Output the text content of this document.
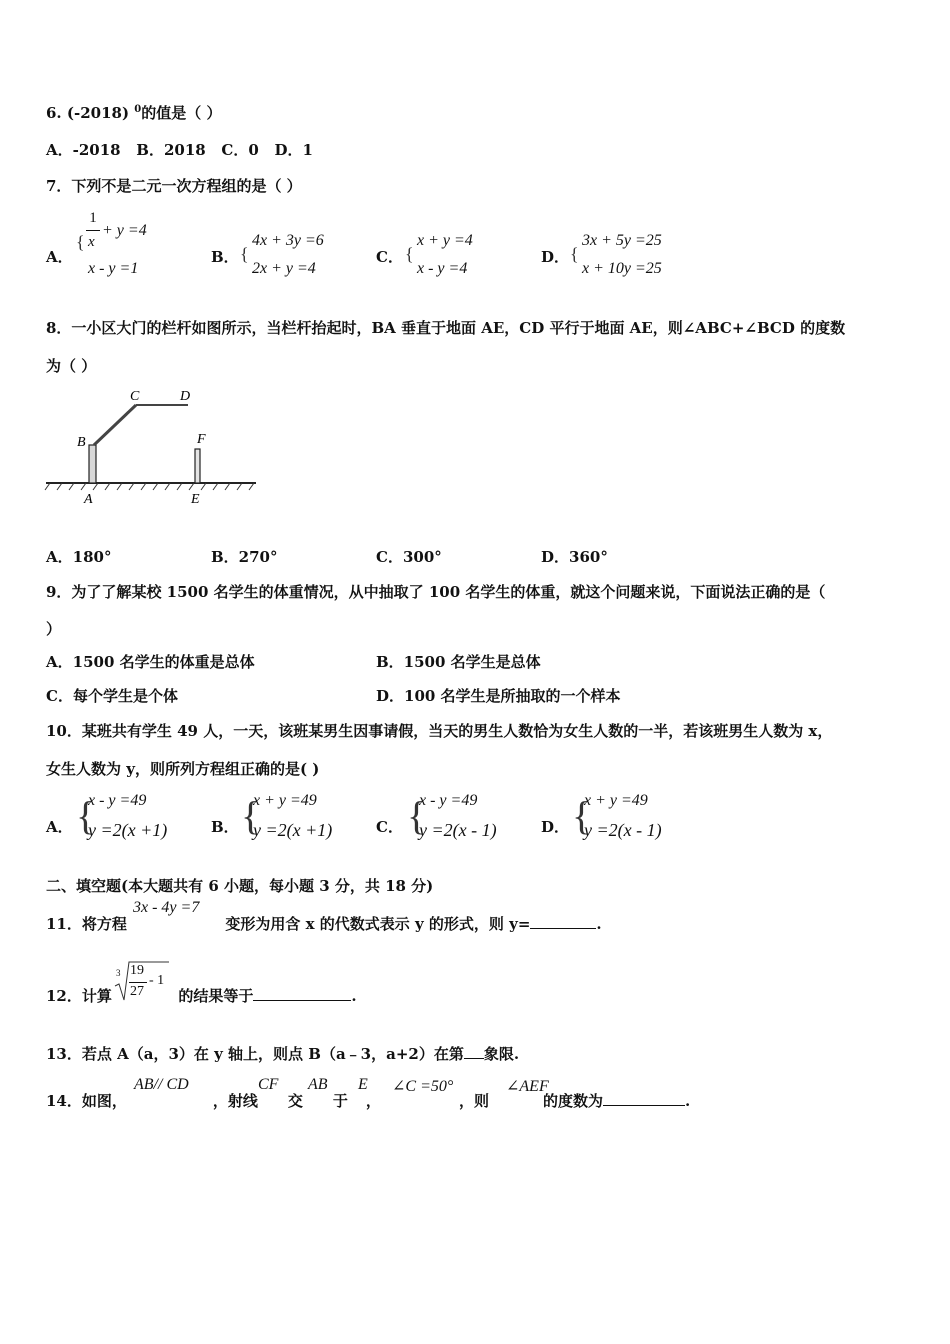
6. (-2018) $^0$的值是（ ）
A．-2018 B．2018 C．0 D．1
7．下列不是二元一次方程组的是（ ）
A．
{
1
x
+ y =4
x - y =1
B． {
4x + 3y =6
2x + y =4
C． {
x + y =4
x - y =4
D． {
3x + 5y =25
x + 10y =25
8．一小区大门的栏杆如图所示，当栏杆抬起时，BA 垂直于地面 AE，CD 平行于地面 AE，则∠ABC+∠BCD 的度数
为（ ）
B
C	D
F
A	E
A．180°	B．270°	C．300°	D．360°
9．为了了解某校 1500 名学生的体重情况，从中抽取了 100 名学生的体重，就这个问题来说，下面说法正确的是（
）
A．1500 名学生的体重是总体	B．1500 名学生是总体
C．每个学生是个体	D．100 名学生是所抽取的一个样本
10．某班共有学生 49 人，一天，该班某男生因事请假，当天的男生人数恰为女生人数的一半，若该班男生人数为 x，
女生人数为 y，则所列方程组正确的是( )
A． {
x - y =49
y =2(x +1)	B． {
x + y =49
y =2(x +1)	C． {
x - y =49
y =2(x - 1)	D． {
x + y =49
y =2(x - 1)
二、填空题(本大题共有 6 小题，每小题 3 分，共 18 分)
11．将方程	变形为用含 x 的代数式表示 y 的形式，则 y=	.
3x - 4y =7
12．计算	的结果等于	.
3 19
27
- 1
13．若点 A（a，3）在 y 轴上，则点 B（a﹣3，a+2）在第 象限.
14．如图，	，射线 交 于 ，	，则	的度数为	.
AB// CD	CF AB E ∠C =50°	∠AEF
